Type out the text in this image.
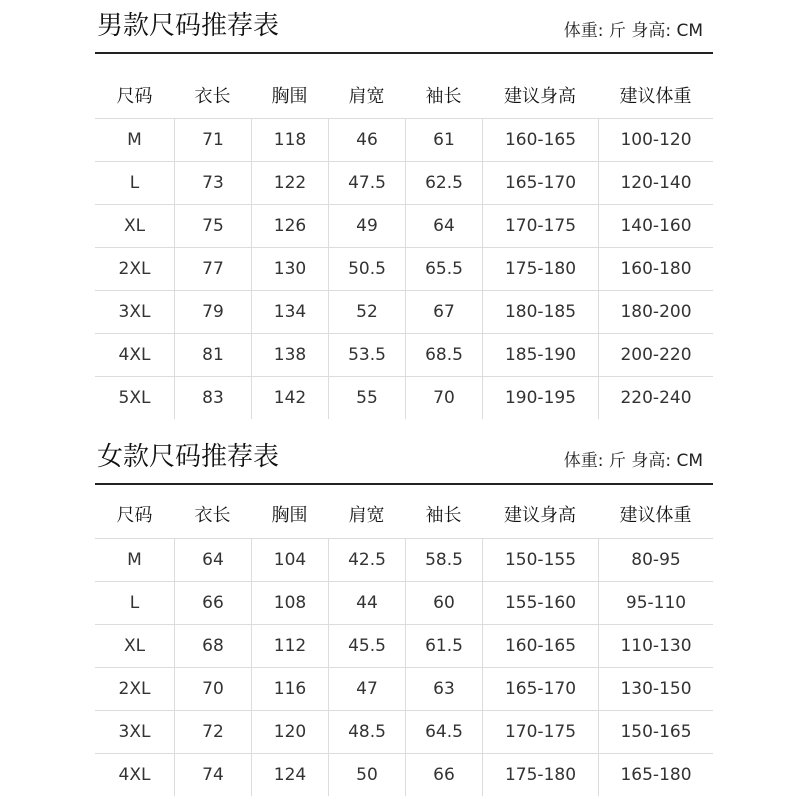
男款尺码推荐表	体重: 斤 身高: CM
尺码	衣长	胸围	肩宽	袖长	建议身高	建议体重
M	71	118	46	61	160-165	100-120
L	73	122	47.5	62.5	165-170	120-140
XL	75	126	49	64	170-175	140-160
2XL	77	130	50.5	65.5	175-180	160-180
3XL	79	134	52	67	180-185	180-200
4XL	81	138	53.5	68.5	185-190	200-220
5XL	83	142	55	70	190-195	220-240
女款尺码推荐表	体重: 斤 身高: CM
尺码	衣长	胸围	肩宽	袖长	建议身高	建议体重
M	64	104	42.5	58.5	150-155	80-95
L	66	108	44	60	155-160	95-110
XL	68	112	45.5	61.5	160-165	110-130
2XL	70	116	47	63	165-170	130-150
3XL	72	120	48.5	64.5	170-175	150-165
4XL	74	124	50	66	175-180	165-180
